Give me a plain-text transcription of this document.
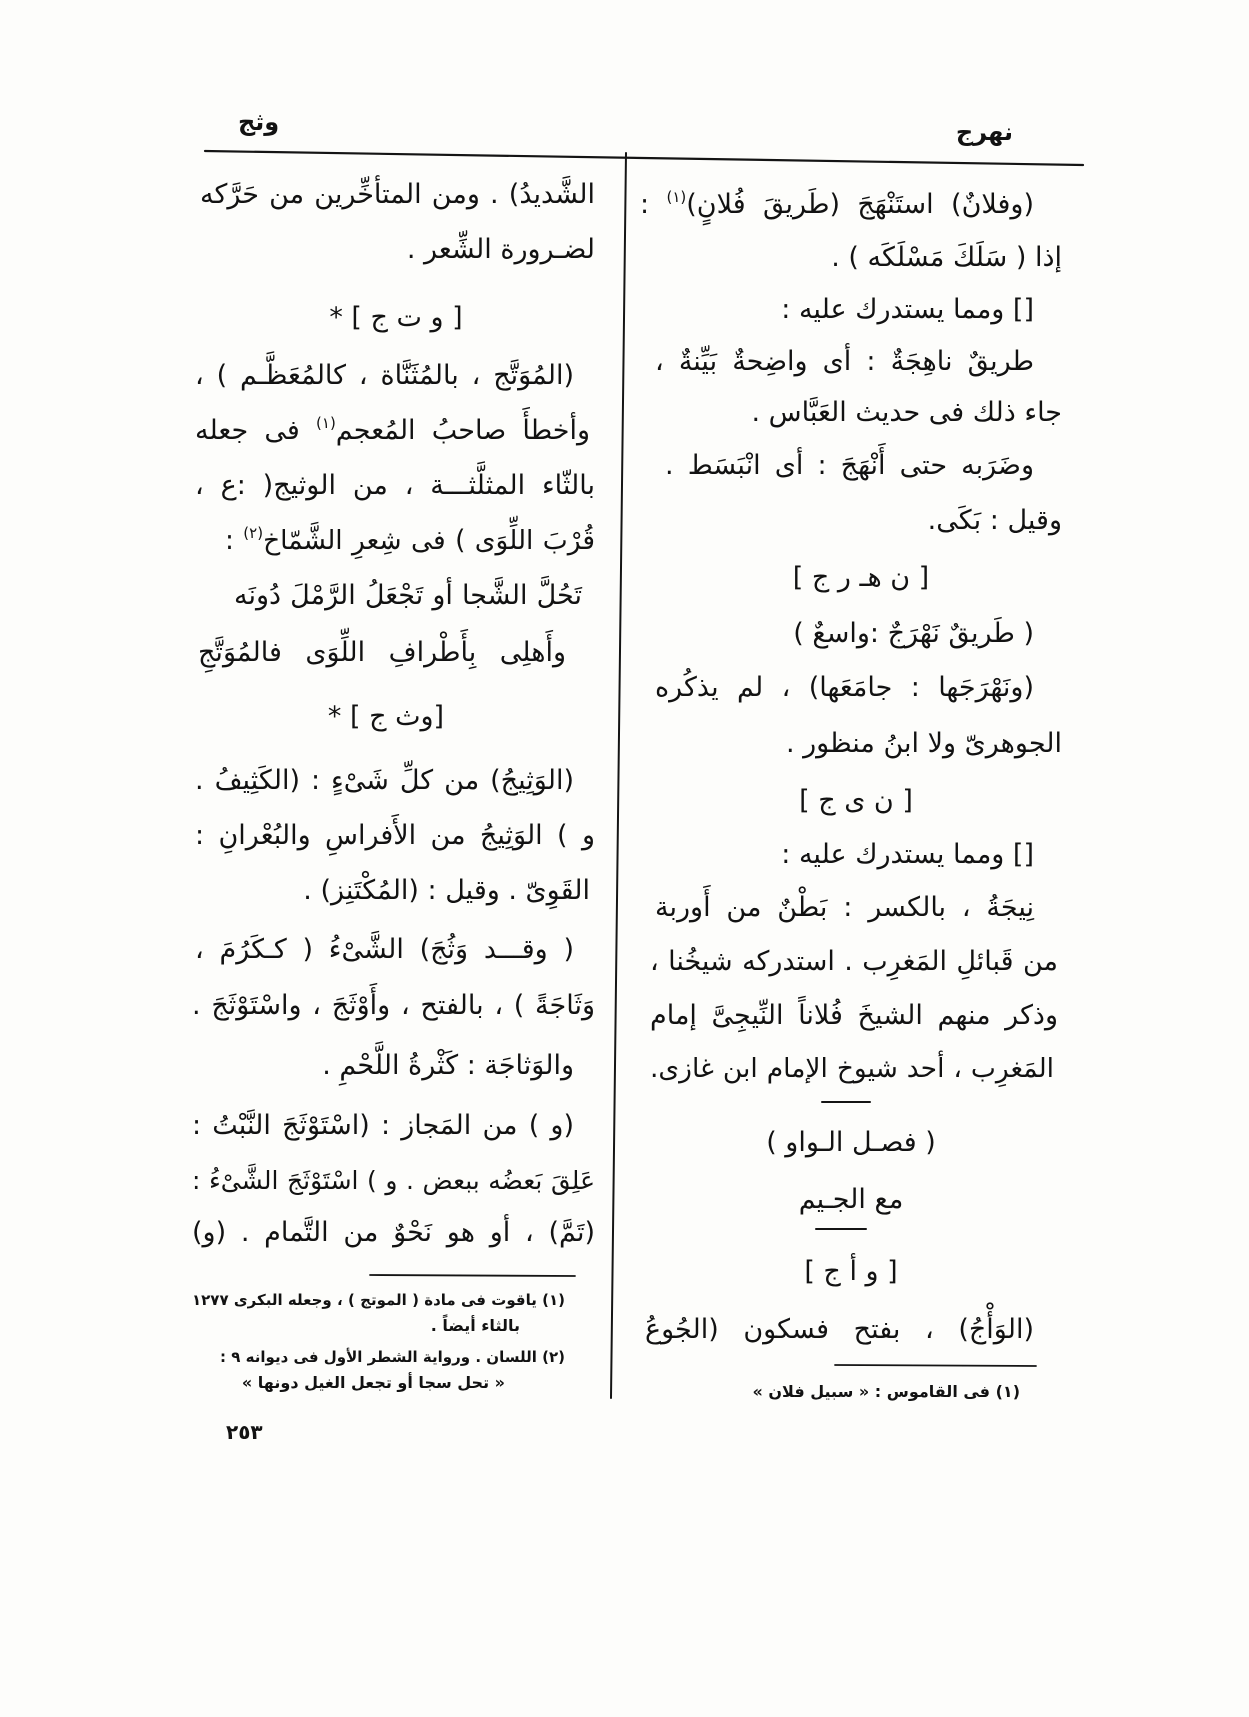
نهرج
وثج
(وفلانٌ) استَنْهَجَ (طَريقَ فُلانٍ)$^{(١)}$ :
إذا ( سَلَكَ مَسْلَكَه ) .
[] ومما يستدرك عليه :
طريقٌ ناهِجَةٌ : أى واضِحةٌ بَيِّنةٌ ،
جاء ذلك فى حديث العَبَّاس .
وضَرَبه حتى أَنْهَجَ : أى انْبَسَط .
وقيل : بَكَى.
[ ن هـ ر ج ]
( طَريقٌ نَهْرَجٌ :واسعٌ )
(ونَهْرَجَها : جامَعَها) ، لم يذكُره
الجوهرىّ ولا ابنُ منظور .
[ ن ى ج ]
[] ومما يستدرك عليه :
نِيجَةُ ، بالكسر : بَطْنٌ من أَوربة
من قَبائلِ المَغرِب . استدركه شيخُنا ،
وذكر منهم الشيخَ فُلاناً النِّيجِىَّ إمام
المَغرِب ، أحد شيوخ الإمام ابن غازى.
( فصـل الـواو )
مع الجـيم
[ و أ ج ]
(الوَأْجُ) ، بفتح فسكون (الجُوعُ
(١) فى القاموس : « سبيل فلان »
الشَّديدُ) . ومن المتأخِّرين من حَرَّكه
لضـرورة الشِّعر .
[ و ت ج ] *
(المُوَتَّج ، بالمُثَنَّاة ، كالمُعَظَّـم ) ،
وأخطأَ صاحبُ المُعجم$^{(١)}$ فى جعله
بالثّاء المثلَّثـــة ، من الوثيج( :ع ،
قُرْبَ اللِّوَى ) فى شِعرِ الشَّمّاخ$^{(٢)}$ :
تَحُلَّ الشَّجا أو تَجْعَلُ الرَّمْلَ دُونَه
وأَهلِى بِأَطْرافِ اللِّوَى فالمُوَتَّجِ
[وث ج ] *
(الوَثِيجُ) من كلِّ شَىْءٍ : (الكَثِيفُ .
و ) الوَثِيجُ من الأَفراسِ والبُعْرانِ :
القَوِىّ . وقيل : (المُكْتَنِز) .
( وقـــد وَثُجَ) الشَّىْءُ ( كـكَرُمَ ،
وَثَاجَةً ) ، بالفتح ، وأَوْثَجَ ، واسْتَوْثَجَ .
والوَثاجَة : كَثْرةُ اللَّحْمِ .
(و ) من المَجاز : (اسْتَوْثَجَ النَّبْتُ :
عَلِقَ بَعضُه ببعض . و ) اسْتَوْثَجَ الشَّىْءُ :
(تَمَّ) ، أو هو نَحْوٌ من التَّمام . (و)
(١) ياقوت فى مادة ( الموتج ) ، وجعله البكرى ١٢٧٧
بالثاء أيضاً .
(٢) اللسان . ورواية الشطر الأول فى ديوانه ٩ :
« تحل سجا أو تجعل الغيل دونها »
٢٥٣
